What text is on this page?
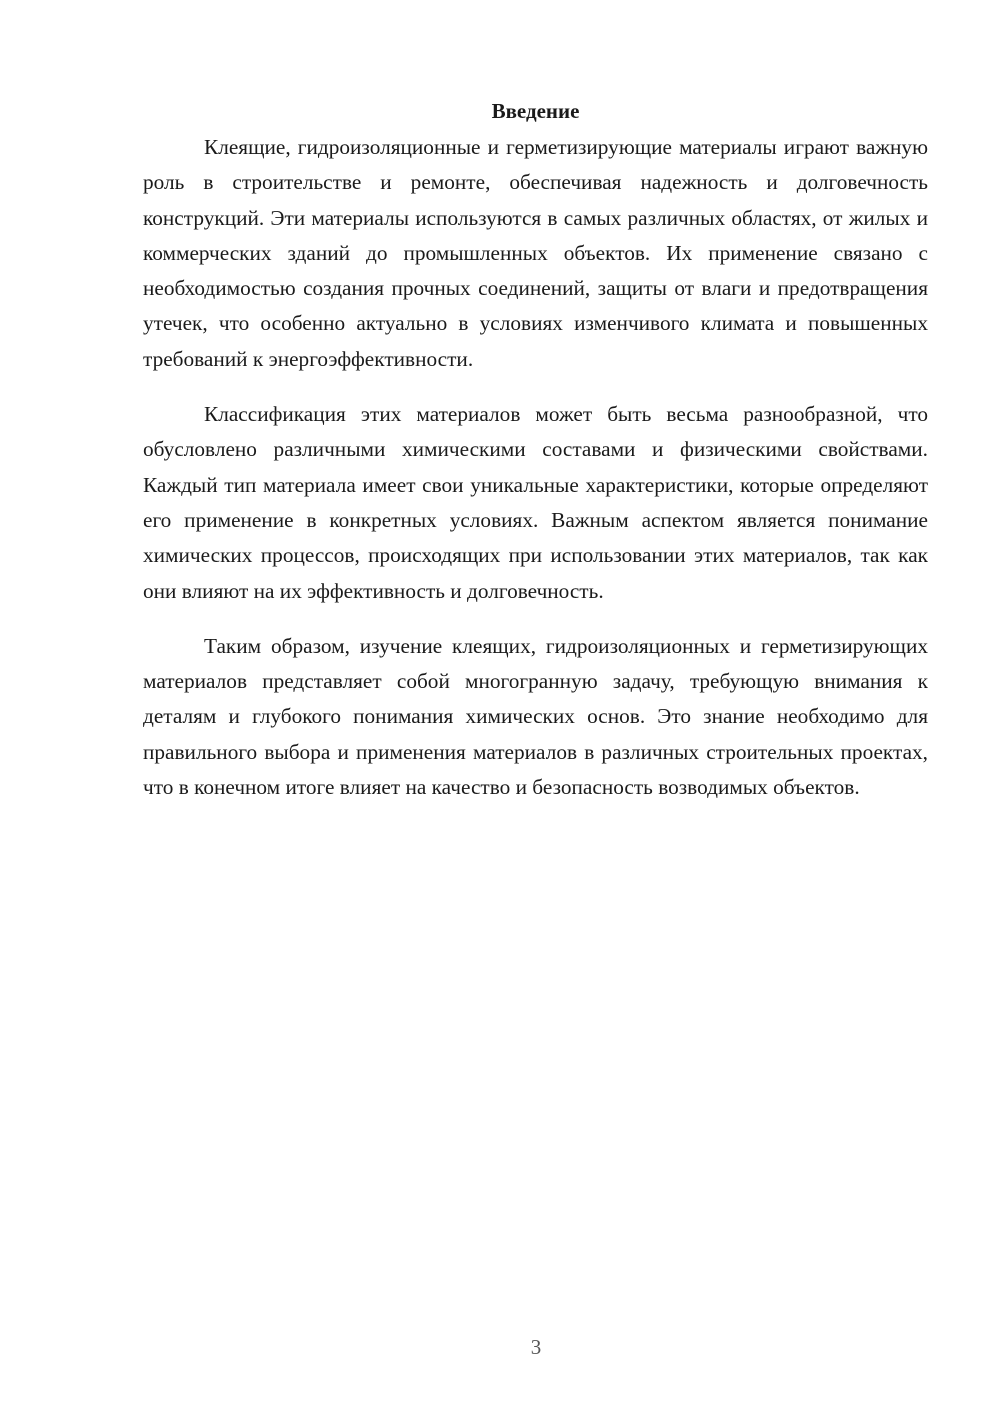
Введение

Клеящие, гидроизоляционные и герметизирующие материалы играют важную роль в строительстве и ремонте, обеспечивая надежность и долговечность конструкций. Эти материалы используются в самых различных областях, от жилых и коммерческих зданий до промышленных объектов. Их применение связано с необходимостью создания прочных соединений, защиты от влаги и предотвращения утечек, что особенно актуально в условиях изменчивого климата и повышенных требований к энергоэффективности.

Классификация этих материалов может быть весьма разнообразной, что обусловлено различными химическими составами и физическими свойствами. Каждый тип материала имеет свои уникальные характеристики, которые определяют его применение в конкретных условиях. Важным аспектом является понимание химических процессов, происходящих при использовании этих материалов, так как они влияют на их эффективность и долговечность.

Таким образом, изучение клеящих, гидроизоляционных и герметизирующих материалов представляет собой многогранную задачу, требующую внимания к деталям и глубокого понимания химических основ. Это знание необходимо для правильного выбора и применения материалов в различных строительных проектах, что в конечном итоге влияет на качество и безопасность возводимых объектов.

3
